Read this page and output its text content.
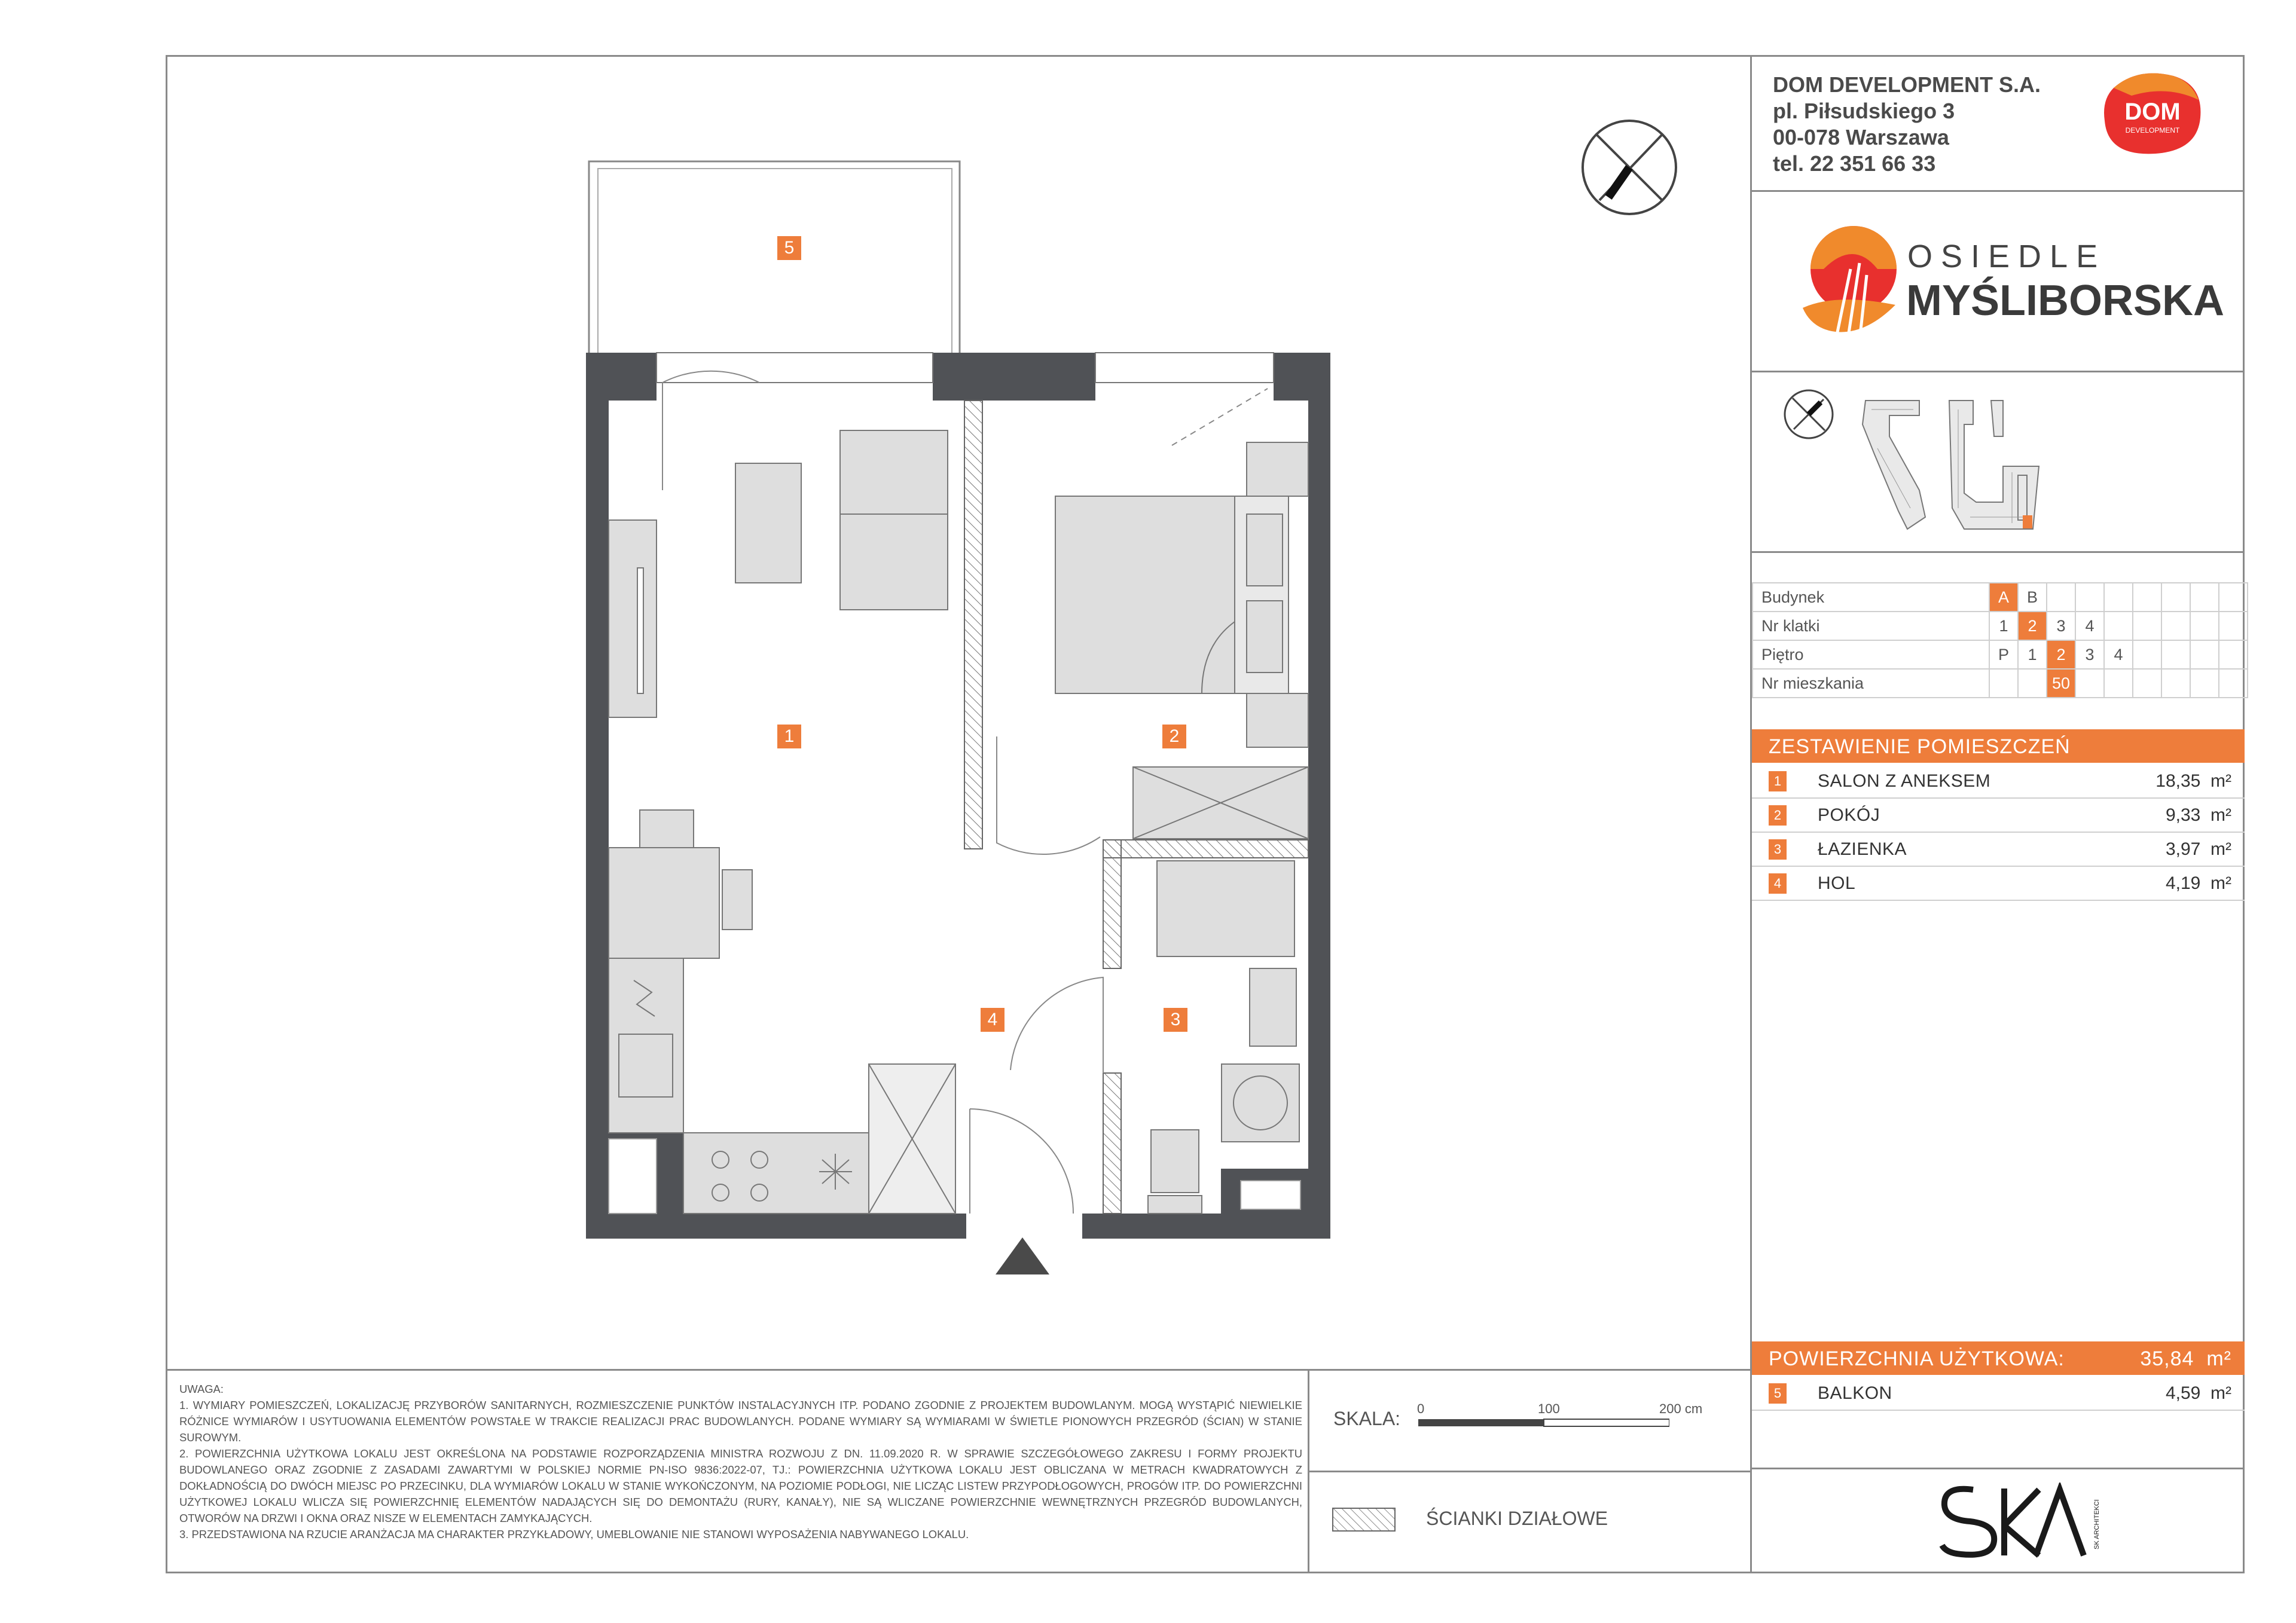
DOM DEVELOPMENT S.A.
pl. Piłsudskiego 3
00-078 Warszawa
tel. 22 351 66 33
DOM
DEVELOPMENT
OSIEDLE
MYŚLIBORSKA
Budynek	A	B							
Nr klatki	1	2	3	4					
Piętro	P	1	2	3	4				
Nr mieszkania			50						
ZESTAWIENIE POMIESZCZEŃ
1 SALON Z ANEKSEM	18,35 m²
2 POKÓJ	9,33 m²
3 ŁAZIENKA	3,97 m²
4 HOL	4,19 m²
POWIERZCHNIA UŻYTKOWA:	35,84 m²
5 BALKON	4,59 m²
SK ARCHITEKCI
UWAGA:
1. WYMIARY POMIESZCZEŃ, LOKALIZACJĘ PRZYBORÓW SANITARNYCH, ROZMIESZCZENIE PUNKTÓW INSTALACYJNYCH ITP. PODANO ZGODNIE Z PROJEKTEM BUDOWLANYM. MOGĄ WYSTĄPIĆ NIEWIELKIE RÓŻNICE WYMIARÓW I USYTUOWANIA ELEMENTÓW POWSTAŁE W TRAKCIE REALIZACJI PRAC BUDOWLANYCH. PODANE WYMIARY SĄ WYMIARAMI W ŚWIETLE PIONOWYCH PRZEGRÓD (ŚCIAN) W STANIE SUROWYM.
2. POWIERZCHNIA UŻYTKOWA LOKALU JEST OKREŚLONA NA PODSTAWIE ROZPORZĄDZENIA MINISTRA ROZWOJU Z DN. 11.09.2020 R. W SPRAWIE SZCZEGÓŁOWEGO ZAKRESU I FORMY PROJEKTU BUDOWLANEGO ORAZ ZGODNIE Z ZASADAMI ZAWARTYMI W POLSKIEJ NORMIE PN-ISO 9836:2022-07, TJ.: POWIERZCHNIA UŻYTKOWA LOKALU JEST OBLICZANA W METRACH KWADRATOWYCH Z DOKŁADNOŚCIĄ DO DWÓCH MIEJSC PO PRZECINKU, DLA WYMIARÓW LOKALU W STANIE WYKOŃCZONYM, NA POZIOMIE PODŁOGI, NIE LICZĄC LISTEW PRZYPODŁOGOWYCH, PROGÓW ITP. DO POWIERZCHNI UŻYTKOWEJ LOKALU WLICZA SIĘ POWIERZCHNIĘ ELEMENTÓW NADAJĄCYCH SIĘ DO DEMONTAŻU (RURY, KANAŁY), NIE SĄ WLICZANE POWIERZCHNIE WEWNĘTRZNYCH PRZEGRÓD BUDOWLANYCH, OTWORÓW NA DRZWI I OKNA ORAZ NISZE W ELEMENTACH ZAMYKAJĄCYCH.
3. PRZEDSTAWIONA NA RZUCIE ARANŻACJA MA CHARAKTER PRZYKŁADOWY, UMEBLOWANIE NIE STANOWI WYPOSAŻENIA NABYWANEGO LOKALU.
SKALA: 0	100	200 cm
ŚCIANKI DZIAŁOWE
1	2
3
4
5
